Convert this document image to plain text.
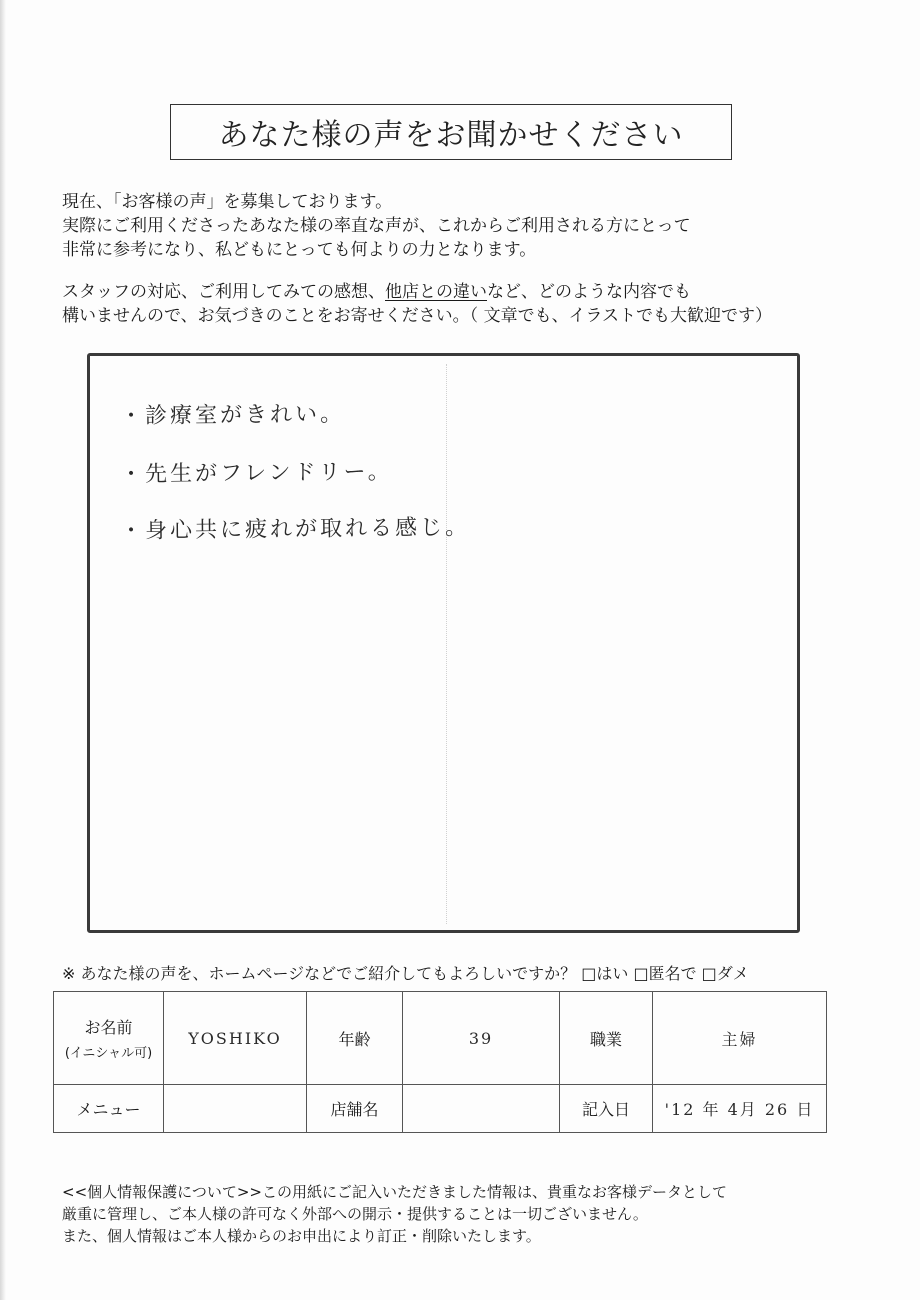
あなた様の声をお聞かせください

現在、「お客様の声」を募集しております。

実際にご利用くださったあなた様の率直な声が、これからご利用される方にとって

非常に参考になり、私どもにとっても何よりの力となります。

スタッフの対応、ご利用してみての感想、他店との違いなど、どのような内容でも

構いませんので、お気づきのことをお寄せください。（ 文章でも、イラストでも大歓迎です）

・診療室がきれい。
・先生がフレンドリー。
・身心共に疲れが取れる感じ。
※ あなた様の声を、ホームページなどでご紹介してもよろしいですか？ □はい □匿名で □ダメ
お名前
(イニシャル可)	YOSHIKO	年齢	39	職業	主婦
メニュー		店舗名		記入日	'12 年 4月 26 日

<<個人情報保護について>>この用紙にご記入いただきました情報は、貴重なお客様データとして

厳重に管理し、ご本人様の許可なく外部への開示・提供することは一切ございません。

また、個人情報はご本人様からのお申出により訂正・削除いたします。
